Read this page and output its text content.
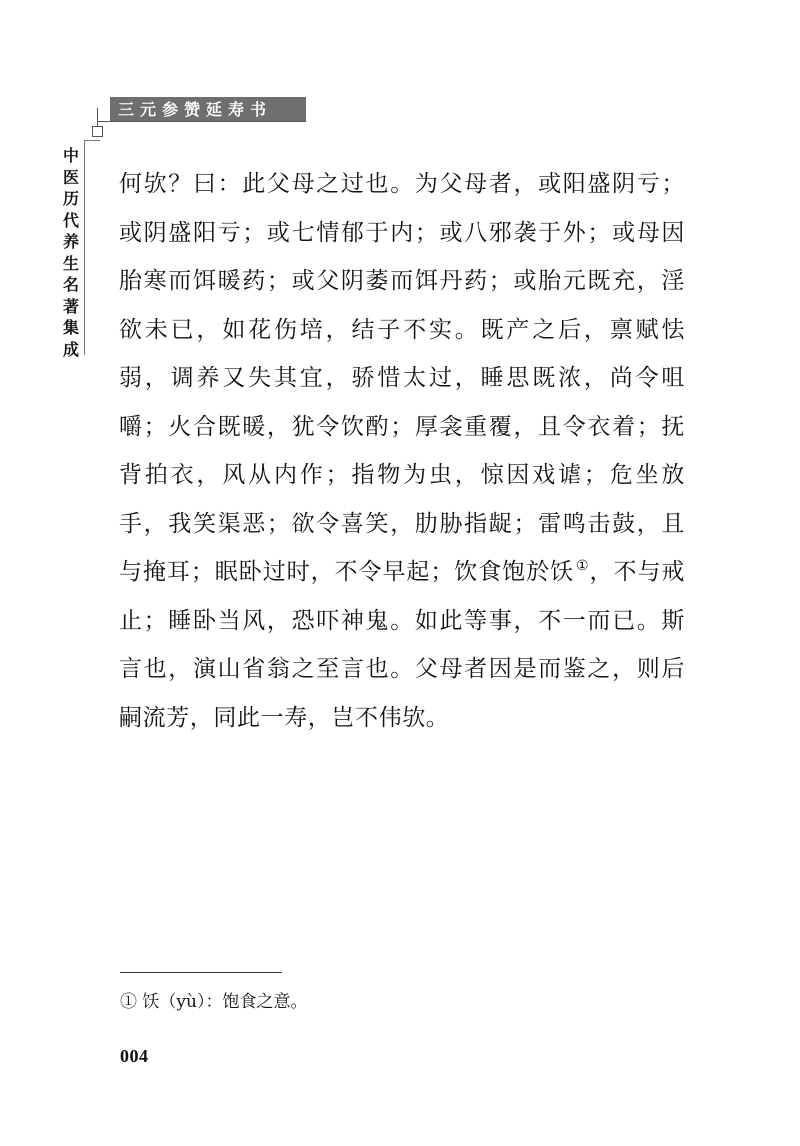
三元参赞延寿书
中
医
历
代
养
生
名
著
集
成

何欤？曰：此父母之过也。为父母者，或阳盛阴亏；或阴盛阳亏；或七情郁于内；或八邪袭于外；或母因胎寒而饵暖药；或父阴萎而饵丹药；或胎元既充，淫欲未已，如花伤培，结子不实。既产之后，禀赋怯弱，调养又失其宜，骄惜太过，睡思既浓，尚令咀嚼；火合既暖，犹令饮酌；厚衾重覆，且令衣着；抚背拍衣，风从内作；指物为虫，惊因戏谑；危坐放手，我笑渠恶；欲令喜笑，肋胁指龊；雷鸣击鼓，且与掩耳；眠卧过时，不令早起；饮食饱於饫 ①，不与戒止；睡卧当风，恐吓神鬼。如此等事，不一而已。斯言也，演山省翁之至言也。父母者因是而鉴之，则后嗣流芳，同此一寿，岂不伟欤。

① 饫（yù）：饱食之意。
004
